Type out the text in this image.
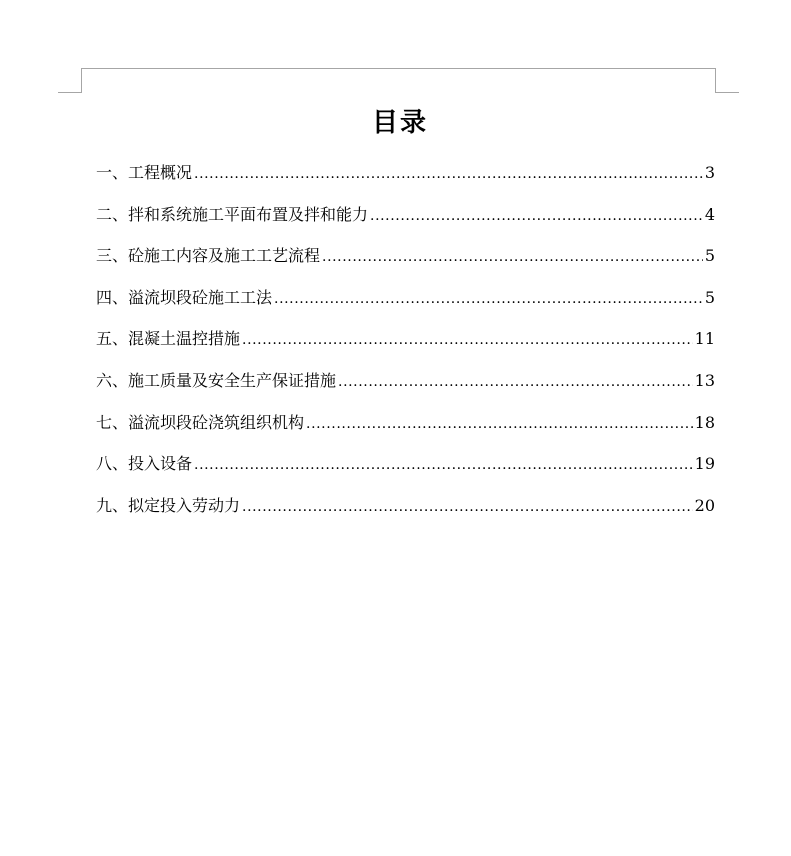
目录
一、工程概况 .....	3
二、拌和系统施工平面布置及拌和能力 .....	4
三、砼施工内容及施工工艺流程 .....	5
四、溢流坝段砼施工工法 .....	5
五、混凝土温控措施 .....	11
六、施工质量及安全生产保证措施 .....	13
七、溢流坝段砼浇筑组织机构 .....	18
八、投入设备 .....	19
九、拟定投入劳动力 .....	20
